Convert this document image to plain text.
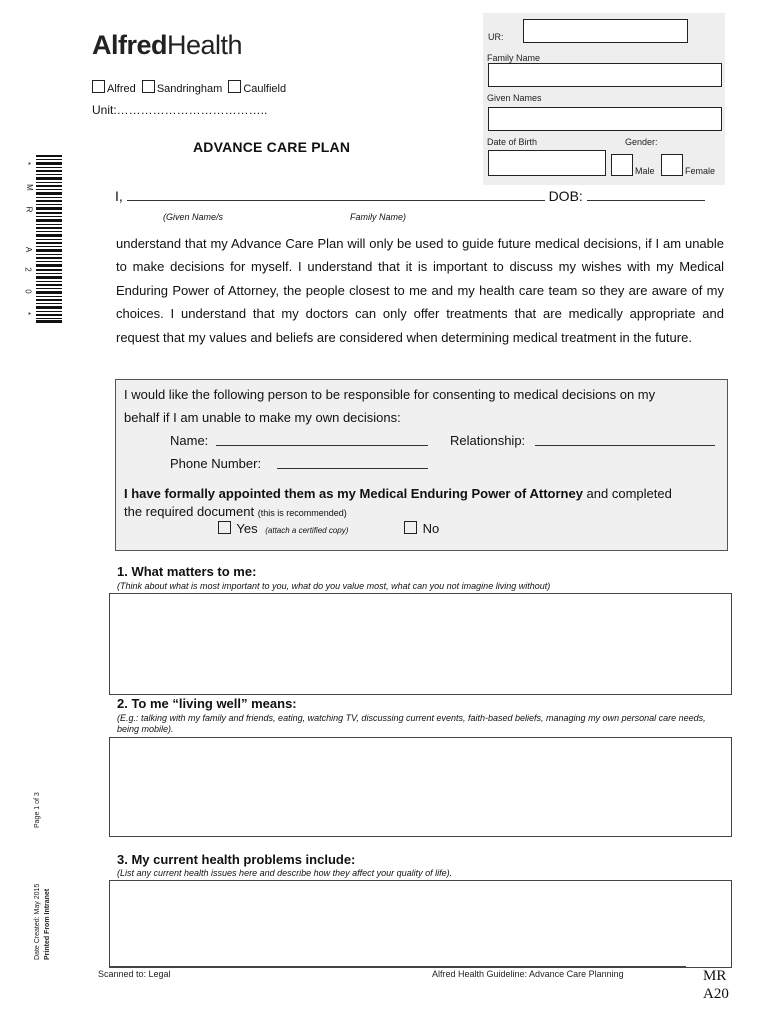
AlfredHealth
Alfred Sandringham Caulfield
Unit:………………………………..
ADVANCE CARE PLAN
UR:
Family Name
Given Names
Date of Birth	Gender:
Male	Female
*
M
R
A
2
0
*
I,	DOB:
(Given Name/s	Family Name)
understand that my Advance Care Plan will only be used to guide future medical decisions, if I am unable to make decisions for myself. I understand that it is important to discuss my wishes with my Medical Enduring Power of Attorney, the people closest to me and my health care team so they are aware of my choices. I understand that my doctors can only offer treatments that are medically appropriate and request that my values and beliefs are considered when determining medical treatment in the future.
I would like the following person to be responsible for consenting to medical decisions on my
behalf if I am unable to make my own decisions:
Name:	Relationship:
Phone Number:
I have formally appointed them as my Medical Enduring Power of Attorney and completed
the required document (this is recommended)
Yes (attach a certified copy)	No
1. What matters to me:
(Think about what is most important to you, what do you value most, what can you not imagine living without)
2. To me “living well” means:
(E.g.: talking with my family and friends, eating, watching TV, discussing current events, faith-based beliefs, managing my own personal care needs, being mobile).
3. My current health problems include:
(List any current health issues here and describe how they affect your quality of life).
Page 1 of 3
Date Created: May 2015 Printed From Intranet
Scanned to: Legal	Alfred Health Guideline: Advance Care Planning	MR
A20
